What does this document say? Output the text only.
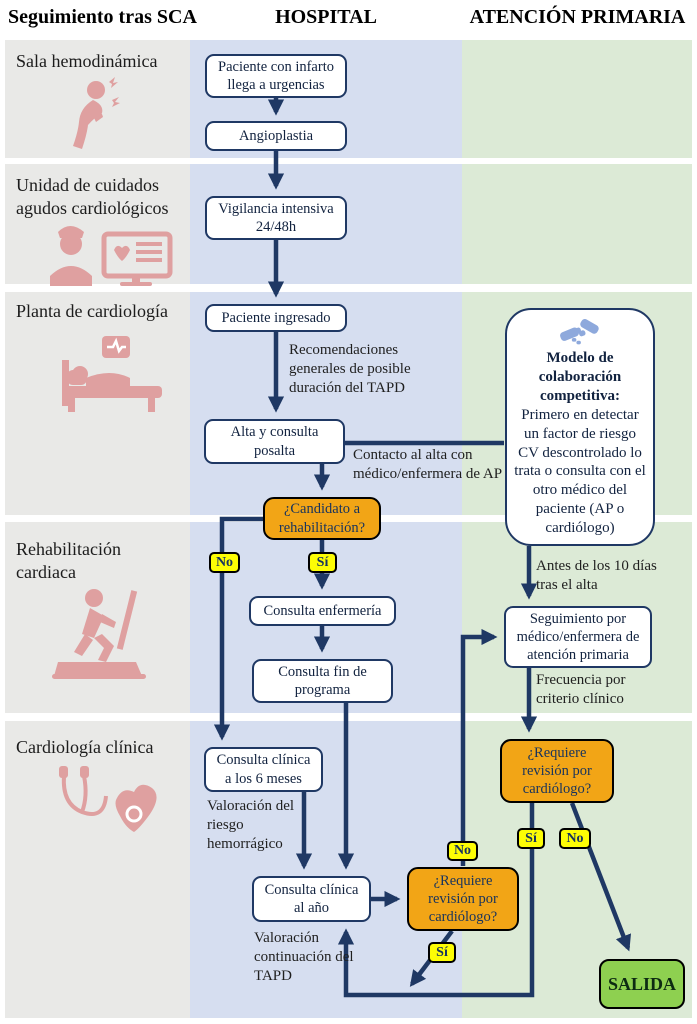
Seguimiento tras SCA	HOSPITAL	ATENCIÓN PRIMARIA
Sala hemodinámica
Unidad de cuidados agudos cardiológicos
Planta de cardiología
Rehabilitación cardiaca
Cardiología clínica
Paciente con infarto llega a urgencias
Angioplastia
Vigilancia intensiva 24/48h
Paciente ingresado
Alta y consulta posalta
¿Candidato a rehabilitación?
Consulta enfermería
Consulta fin de programa
Consulta clínica a los 6 meses
Consulta clínica al año
¿Requiere revisión por cardiólogo?
Modelo de colaboración competitiva:
Primero en detectar un factor de riesgo CV descontrolado lo trata o consulta con el otro médico del paciente (AP o cardiólogo)
Seguimiento por médico/enfermera de atención primaria
¿Requiere revisión por cardiólogo?
SALIDA
Recomendaciones generales de posible duración del TAPD
Contacto al alta con médico/enfermera de AP
Antes de los 10 días tras el alta
Frecuencia por criterio clínico
Valoración del riesgo hemorrágico
Valoración continuación del TAPD
No	Sí
No
Sí
Sí	No
